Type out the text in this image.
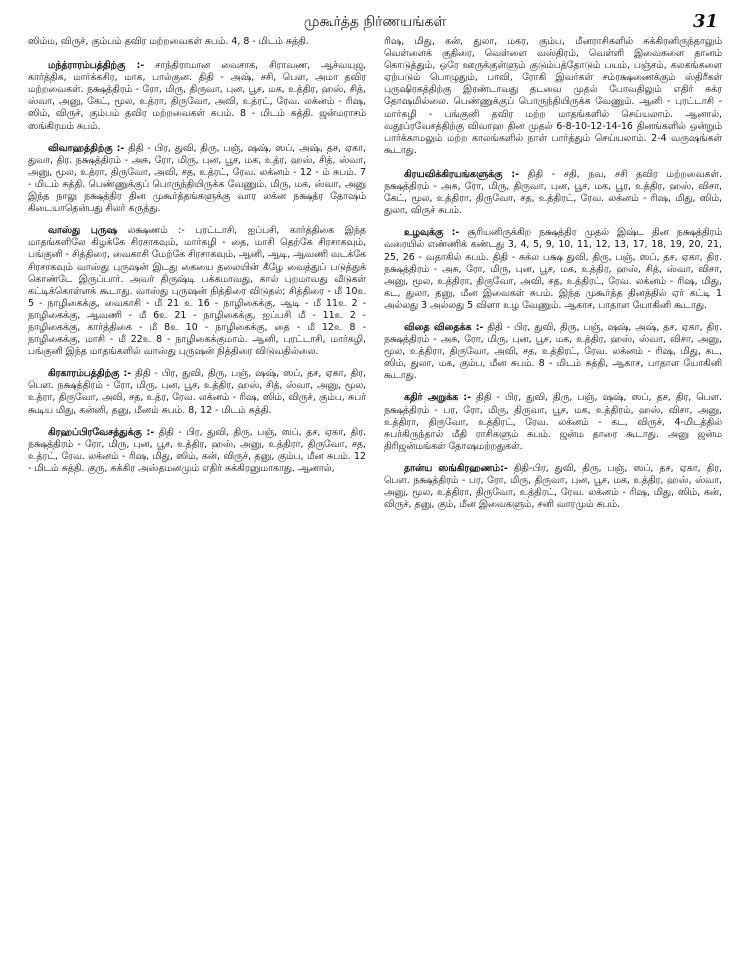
முகூர்த்த நிர்ணயங்கள்	31

ஸிம்ம, விருச், கும்பம் தவிர மற்றவைகள் சுபம். 4, 8 - மிடம் சுத்தி.

மந்த்ராரம்பத்திற்கு :- சாந்திராமான வைசாக, சிராவண, ஆச்வயுஜ, கார்த்திக, மார்க்கசிர, மாக, பால்குன. திதி - அஷ், சசி, பெள, அமா தவிர மற்றவைகள். நக்ஷத்திரம் - ரோ, மிரு, திருவா, புன, பூச, மக, உத்திர, ஹஸ், சித், ஸ்வா, அனு, கேட், மூல, உத்ரா, திருவோ, அவி, உத்ரட், ரேவ. லக்னம் - ரிஷ, ஸிம், விருச், கும்பம் தவிர மற்றவைகள் சுபம். 8 - மிடம் சுத்தி. ஜன்மராசம் ஸங்கிரமம் சுபம்.

விவாஹத்திற்கு :- திதி - பிர, துவி, திரு, பஞ், ஷஷ், ஸப், அஷ், தச, ஏகா, துவா, திர. நக்ஷத்திரம் - அசு, ரோ, மிரு, புன, பூச, மக, உத்ர, ஹஸ், சித், ஸ்வா, அனு, மூல, உத்ரா, திருவோ, அவி, சத, உத்ரட், ரேவ. லக்னம் - 12 - ம் சுபம். 7 - மிடம் சுத்தி. பெண்ணுக்குப் பொருந்தியிருக்க வேணும். மிரு, மக, ஸ்வா, அனு இந்த நாலு நக்ஷத்திர தின முகூர்த்தங்களுக்கு வார லக்ன நக்ஷத்ர தோஷம் கிடையாதென்பது சிலர் கருத்து.

வாஸ்து புருஷ லக்ஷணம் :- புரட்டாசி, ஐப்பசி, கார்த்திகை இந்த மாதங்களிலே கிழக்கே சிரசாகவும், மார்கழி - தை, மாசி தெற்கே சிரசாகவும், பங்குனி - சித்திரை, வைகாசி மேற்கே சிரசாகவும், ஆனி, ஆடி, ஆவணி வடக்கே சிரசாகவும் வாஸ்து புருஷன் இடது கையை தலையின் கீழே வைத்துப் படுத்துக் கொண்டே இருப்பார். அவர் திருஷ்டி பக்கமாவது, கால் புறமாவது வீடுகள் கட்டிக்கொள்ளக் கூடாது. வாஸ்து புருஷன் நித்திரை விடுதல்; சித்திரை - மீ 10உ 5 - நாழிகைக்கு, வைகாசி - மீ 21 உ 16 - நாழிகைக்கு, ஆடி - மீ 11உ 2 - நாழிகைக்கு, ஆவணி - மீ 6உ 21 - நாழிகைக்கு, ஐப்பசி மீ - 11உ 2 - நாழிகைக்கு, கார்த்திகை - மீ 8உ 10 - நாழிகைக்கு, தை - மீ 12உ 8 - நாழிகைக்கு, மாசி - மீ 22உ 8 - நாழிகைக்குமாம். ஆனி, புரட்டாசி, மார்கழி, பங்குனி இந்த மாதங்களில் வாஸ்து புருஷன் நித்திரை விடுவதில்லை.

கிரகாரம்பத்திற்கு :- திதி - பிர, துவி, திரு, பஞ், ஷஷ், ஸப், தச, ஏகா, திர, பெள. நக்ஷத்திரம் - ரோ, மிரு, புன, பூச, உத்திர, ஹஸ், சித், ஸ்வா, அனு, மூல, உத்ரா, திருவோ, அவி, சத, உத்ர, ரேவ. லக்னம் - ரிஷ, ஸிம், விருச், கும்ப, சுபர் கூடிய மிது, கன்னி, தனு, மீனம் சுபம். 8, 12 - மிடம் சுத்தி.

கிரஹப்பிரவேசத்துக்கு :- திதி - பிர, துவி, திரு, பஞ், ஸப், தச, ஏகா, திர. நக்ஷத்திரம் - ரோ, மிரு, புன, பூச, உத்திர, ஹஸ், அனு, உத்திரா, திருவோ, சத, உத்ரட், ரேவ. லக்னம் - ரிஷ, மிது, ஸிம், கன், விருச், தனு, கும்ப, மீன சுபம். 12 - மிடம் சுத்தி. குரு, சுக்கிர அஸ்தமனமும் எதிர் சுக்கிரனுமாகாது. ஆனால்,

ரிஷ, மிது, கன், துலா, மகர, கும்ப, மீனராசிகளில் சுக்கிரனிருந்தாலும் வெள்ளைக் குதிரை, வெள்ளை வஸ்திரம், வெள்ளி இவைகளை தானம் கொடுத்தும், ஒரே ஊருக்குள்ளும் குடும்பத்தோடும் பயம், பஞ்சம், கலகங்களை ஏற்படும் பொழுதும், பாவி, ரோகி இவர்கள் சம்ரக்ஷணைக்கும் ஸ்திரீகள் புருஷிரகத்திற்கு இரண்டாவது தடவை முதல் போவதிலும் எதிர் சுக்ர தோஷமில்லை. பெண்ணுக்குப் பொருந்தியிருக்க வேணும். ஆனி - புரட்டாசி - மார்கழி - பங்குனி தவிர மற்ற மாதங்களில் செய்யலாம். ஆனால், வதூப்ரவேசத்திற்கு விவாஹ தின முதல் 6-8-10-12-14-16 தினங்களில் ஒன்றும் பார்க்காமலும் மற்ற காலங்களில் நாள் பார்த்தும் செய்யலாம். 2-4 வருஷங்கள் கூடாது.

கிரயவிக்கிரயங்களுக்கு :- திதி - சதி, நவ, சசி தவிர மற்றவைகள். நக்ஷத்திரம் - அசு, ரோ, மிரு, திருவா, புன, பூச, மக, பூர, உத்திர, ஹஸ், விசா, கேட், மூல, உத்திரா, திருவோ, சத, உத்திரட், ரேவ. லக்னம் - ரிஷ, மிது, ஸிம், துலா, விருச் சுபம்.

உழவுக்கு :- சூரியனிருக்கிற நக்ஷத்திர முதல் இஷ்ட தின நக்ஷத்திரம் வரையில் எண்ணிக் கண்டது 3, 4, 5, 9, 10, 11, 12, 13, 17, 18, 19, 20, 21, 25, 26 - வதாகில் சுபம். திதி - சுக்ல பக்ஷ துவி, திரு, பஞ், ஸப், தச, ஏகா, திர. நக்ஷத்திரம் - அசு, ரோ, மிரு, புன, பூச, மக, உத்திர, ஹஸ், சித், ஸ்வா, விசா, அனு, மூல, உத்திரா, திருவோ, அவி, சத, உத்திரட், ரேவ. லக்னம் - ரிஷ, மிது, கட, துலா, தனு, மீன இவைகள் சுபம். இந்த முகூர்த்த தினத்தில் ஏர் கட்டி 1 அல்லது 3 அல்லது 5 விளா உழ வேணும். ஆகாச, பாதாள யோகினி கூடாது.

விதை விதைக்க :- திதி - பிர, துவி, திரு, பஞ், ஷஷ், அஷ், தச, ஏகா, திர. நக்ஷத்திரம் - அசு, ரோ, மிரு, புன, பூச, மக, உத்திர, ஹஸ், ஸ்வா, விசா, அனு, மூல, உத்திரா, திருவோ, அவி, சத, உத்திரட், ரேவ. லக்னம் - ரிஷ, மிது, கட, ஸிம், துலா, மக, கும்ப, மீன சுபம். 8 - மிடம் சுத்தி, ஆகாச, பாதாள யோகினி கூடாது.

கதிர் அறுக்க :- திதி - பிர, துவி, திரு, பஞ், ஷஷ், ஸப், தச, திர, பெள. நக்ஷத்திரம் - பர, ரோ, மிரு, திருவா, பூச, மக, உத்திரம், ஹஸ், விசா, அனு, உத்திரா, திருவோ, உத்திரட், ரேவ. லக்னம் - கட, விருச், 4-மிடத்தில் சுபர்கிருந்தால் மீதி ராசிகளும் சுபம். ஜன்ம தாரை கூடாது. அனு ஜன்ம திரிஜன்மங்கள் தோஷமற்றதுகள்.

தான்ய ஸங்கிரஹணம்:- திதி-பிர, துவி, திரு, பஞ், ஸப், தச, ஏகா, திர, பௌ. நக்ஷத்திரம் - பர, ரோ, மிரு, திருவா, புன, பூச, மக, உத்திர, ஹஸ், ஸ்வா, அனு, மூல, உத்திரா, திருவோ, உத்திரட், ரேவ. லக்னம் - ரிஷ, மிது, ஸிம், கன், விருச், தனு, கும், மீன இவைகளும், சனி வாரமும் சுபம்.
